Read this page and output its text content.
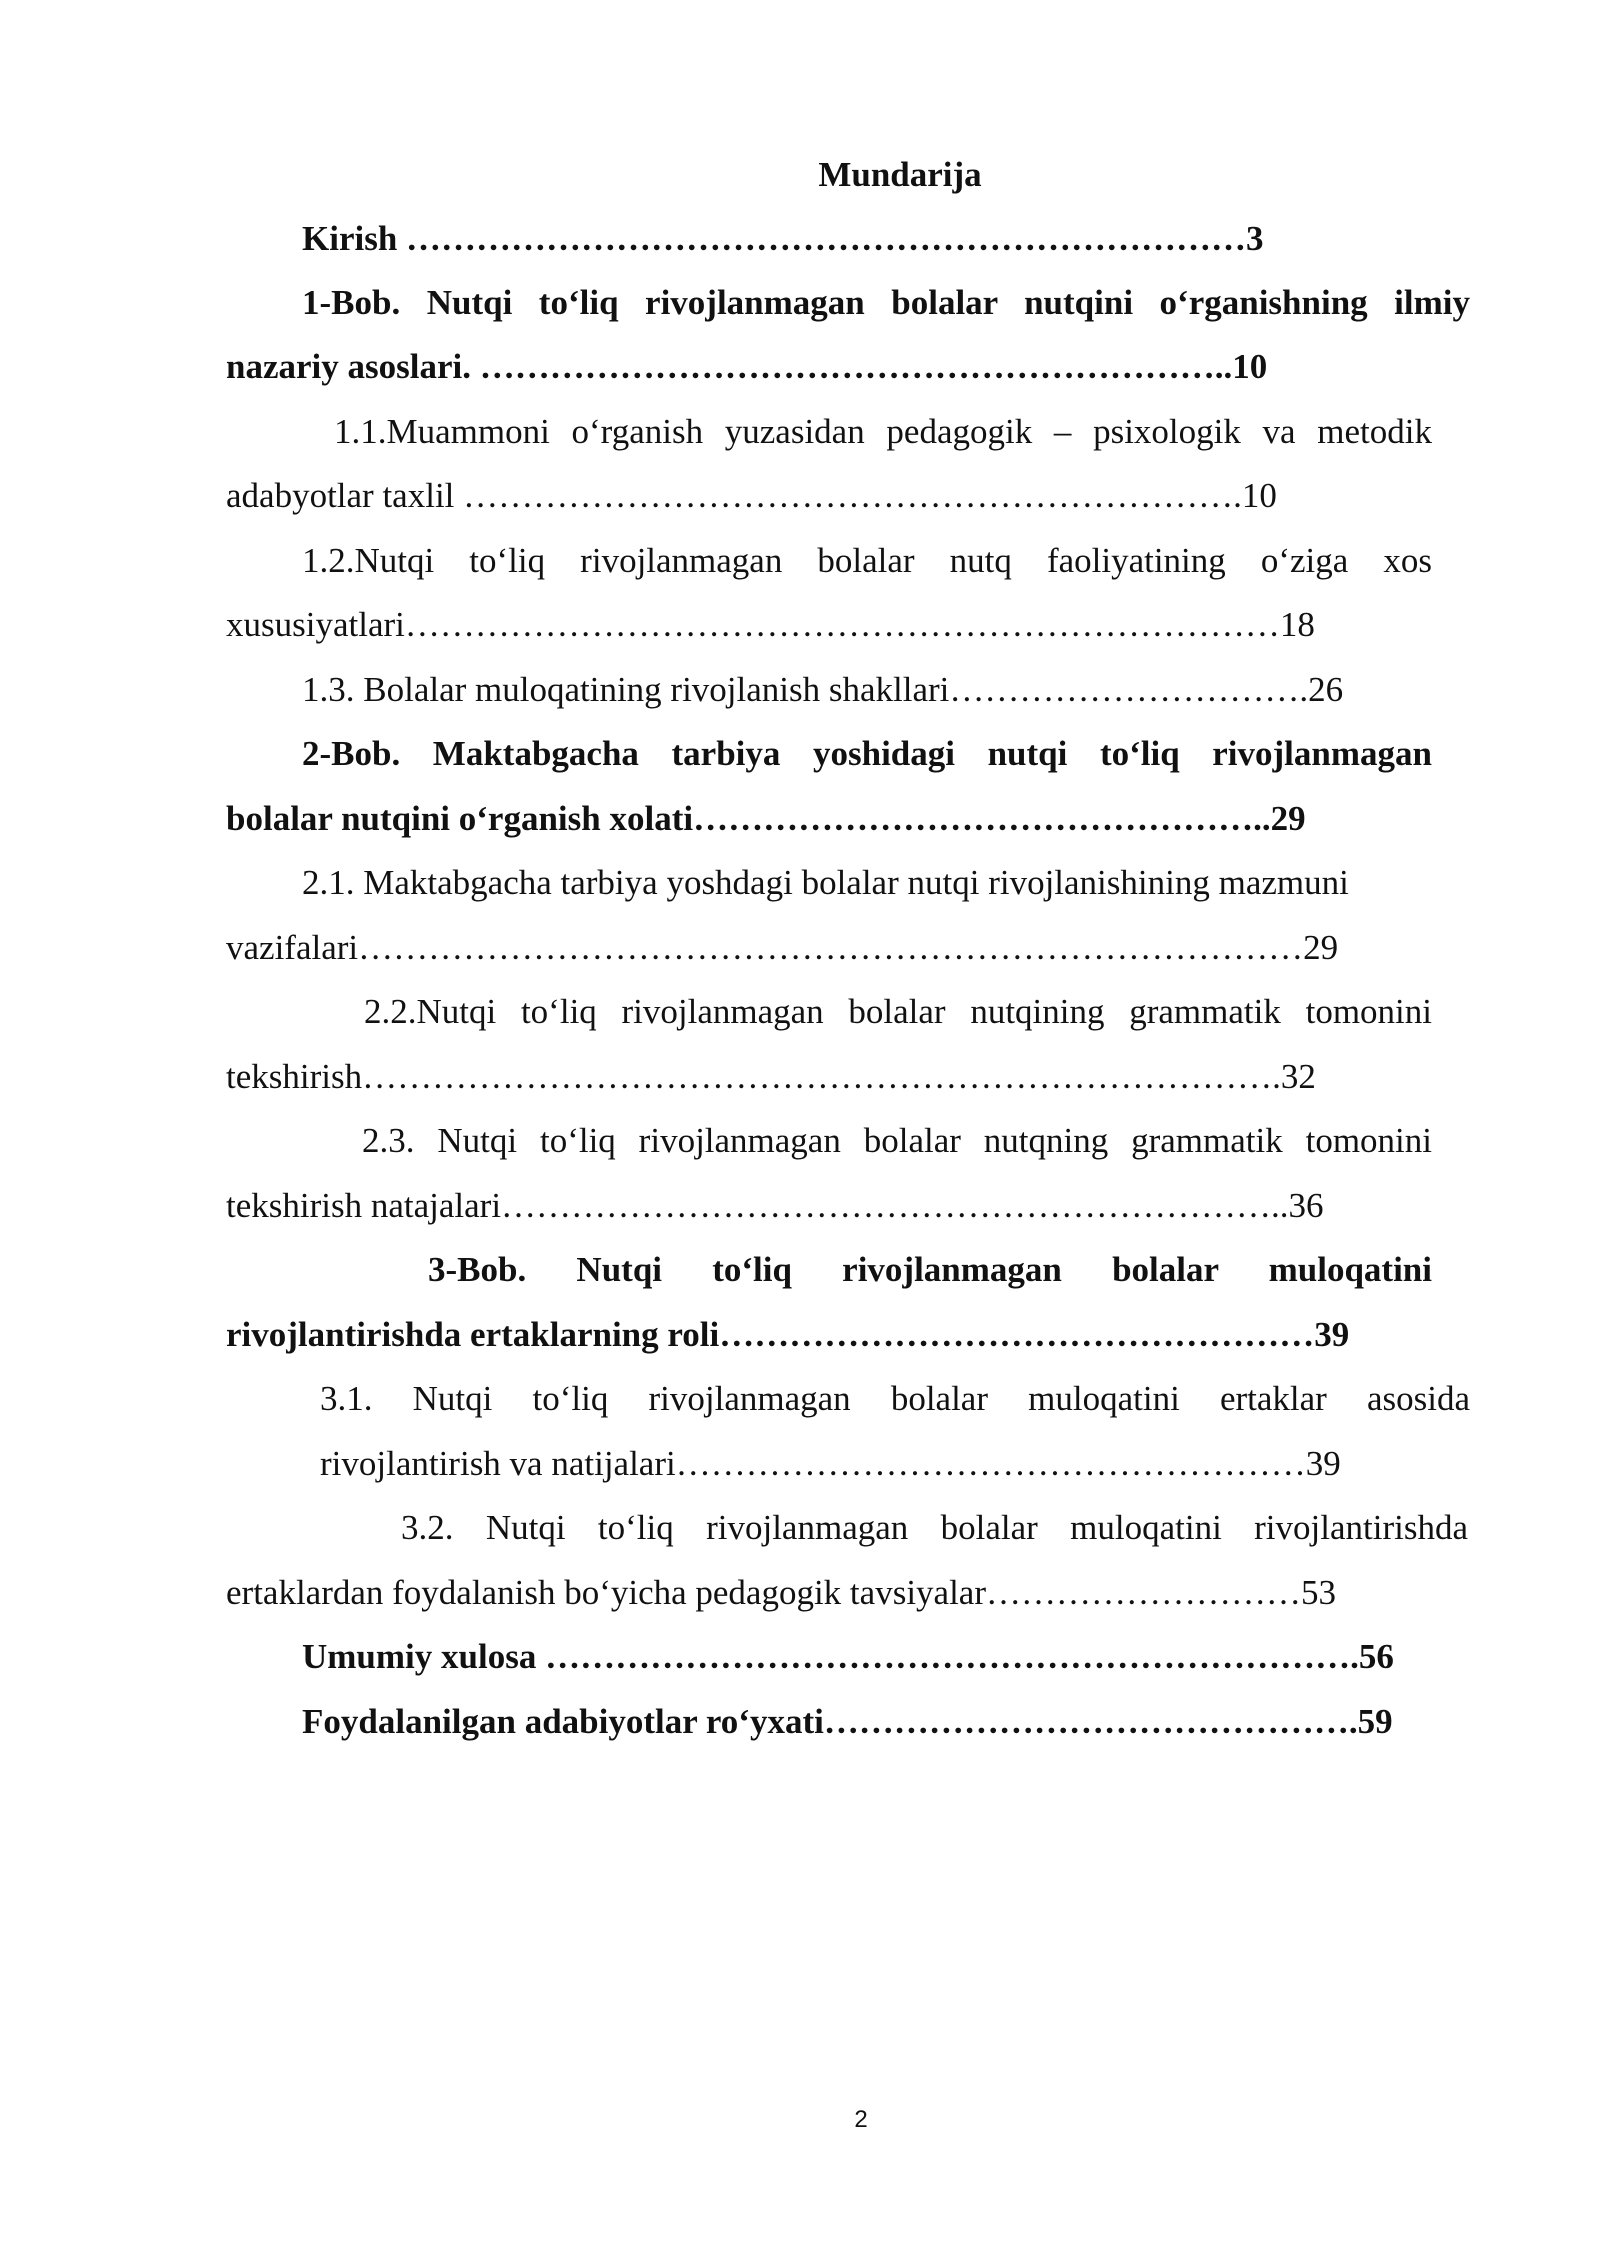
Mundarija
Kirish ………………………………………………………………3
1-Bob. Nutqi to‘liq rivojlanmagan bolalar nutqini o‘rganishning ilmiy
nazariy asoslari. ………………………………………………………..10
1.1.Muammoni o‘rganish yuzasidan pedagogik – psixologik va metodik
adabyotlar taxlil ………………………………………………………….10
1.2.Nutqi to‘liq rivojlanmagan bolalar nutq faoliyatining o‘ziga xos
xususiyatlari…………………………………………………………………18
1.3. Bolalar muloqatining rivojlanish shakllari………………………….26
2-Bob. Maktabgacha tarbiya yoshidagi nutqi to‘liq rivojlanmagan
bolalar nutqini o‘rganish xolati…………………………………………..29
2.1. Maktabgacha tarbiya yoshdagi bolalar nutqi rivojlanishining mazmuni
vazifalari………………………………………………………………………29
2.2.Nutqi to‘liq rivojlanmagan bolalar nutqining grammatik tomonini
tekshirish…………………………………………………………………….32
2.3. Nutqi to‘liq rivojlanmagan bolalar nutqning grammatik tomonini
tekshirish natajalari…………………………………………………………..36
3-Bob. Nutqi to‘liq rivojlanmagan bolalar muloqatini
rivojlantirishda ertaklarning roli……………………………………………39
3.1. Nutqi to‘liq rivojlanmagan bolalar muloqatini ertaklar asosida
rivojlantirish va natijalari………………………………………………39
3.2. Nutqi to‘liq rivojlanmagan bolalar muloqatini rivojlantirishda
ertaklardan foydalanish bo‘yicha pedagogik tavsiyalar………………………53
Umumiy xulosa …………………………………………………………….56
Foydalanilgan adabiyotlar ro‘yxati……………………………………….59
2
